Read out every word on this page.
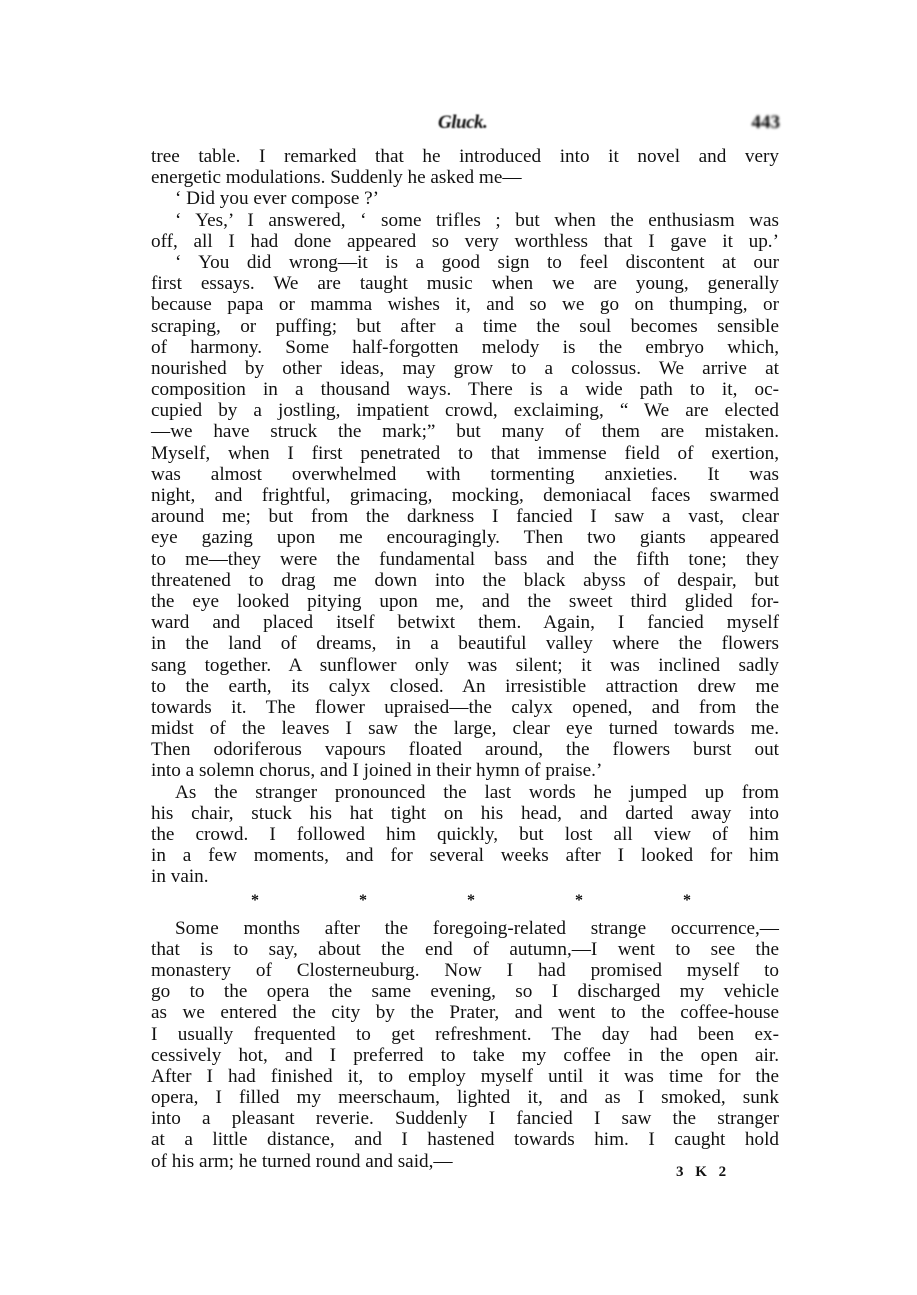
Gluck.	443
tree table. I remarked that he introduced into it novel and very
energetic modulations. Suddenly he asked me—
‘ Did you ever compose ?’
‘ Yes,’ I answered, ‘ some trifles ; but when the enthusiasm was
off, all I had done appeared so very worthless that I gave it up.’
‘ You did wrong—it is a good sign to feel discontent at our
first essays. We are taught music when we are young, generally
because papa or mamma wishes it, and so we go on thumping, or
scraping, or puffing; but after a time the soul becomes sensible
of harmony. Some half-forgotten melody is the embryo which,
nourished by other ideas, may grow to a colossus. We arrive at
composition in a thousand ways. There is a wide path to it, oc-
cupied by a jostling, impatient crowd, exclaiming, “ We are elected
—we have struck the mark;” but many of them are mistaken.
Myself, when I first penetrated to that immense field of exertion,
was almost overwhelmed with tormenting anxieties. It was
night, and frightful, grimacing, mocking, demoniacal faces swarmed
around me; but from the darkness I fancied I saw a vast, clear
eye gazing upon me encouragingly. Then two giants appeared
to me—they were the fundamental bass and the fifth tone; they
threatened to drag me down into the black abyss of despair, but
the eye looked pitying upon me, and the sweet third glided for-
ward and placed itself betwixt them. Again, I fancied myself
in the land of dreams, in a beautiful valley where the flowers
sang together. A sunflower only was silent; it was inclined sadly
to the earth, its calyx closed. An irresistible attraction drew me
towards it. The flower upraised—the calyx opened, and from the
midst of the leaves I saw the large, clear eye turned towards me.
Then odoriferous vapours floated around, the flowers burst out
into a solemn chorus, and I joined in their hymn of praise.’
As the stranger pronounced the last words he jumped up from
his chair, stuck his hat tight on his head, and darted away into
the crowd. I followed him quickly, but lost all view of him
in a few moments, and for several weeks after I looked for him
in vain.
*	*	*	*	*
Some months after the foregoing-related strange occurrence,—
that is to say, about the end of autumn,—I went to see the
monastery of Closterneuburg. Now I had promised myself to
go to the opera the same evening, so I discharged my vehicle
as we entered the city by the Prater, and went to the coffee-house
I usually frequented to get refreshment. The day had been ex-
cessively hot, and I preferred to take my coffee in the open air.
After I had finished it, to employ myself until it was time for the
opera, I filled my meerschaum, lighted it, and as I smoked, sunk
into a pleasant reverie. Suddenly I fancied I saw the stranger
at a little distance, and I hastened towards him. I caught hold
of his arm; he turned round and said,—
3 K 2
